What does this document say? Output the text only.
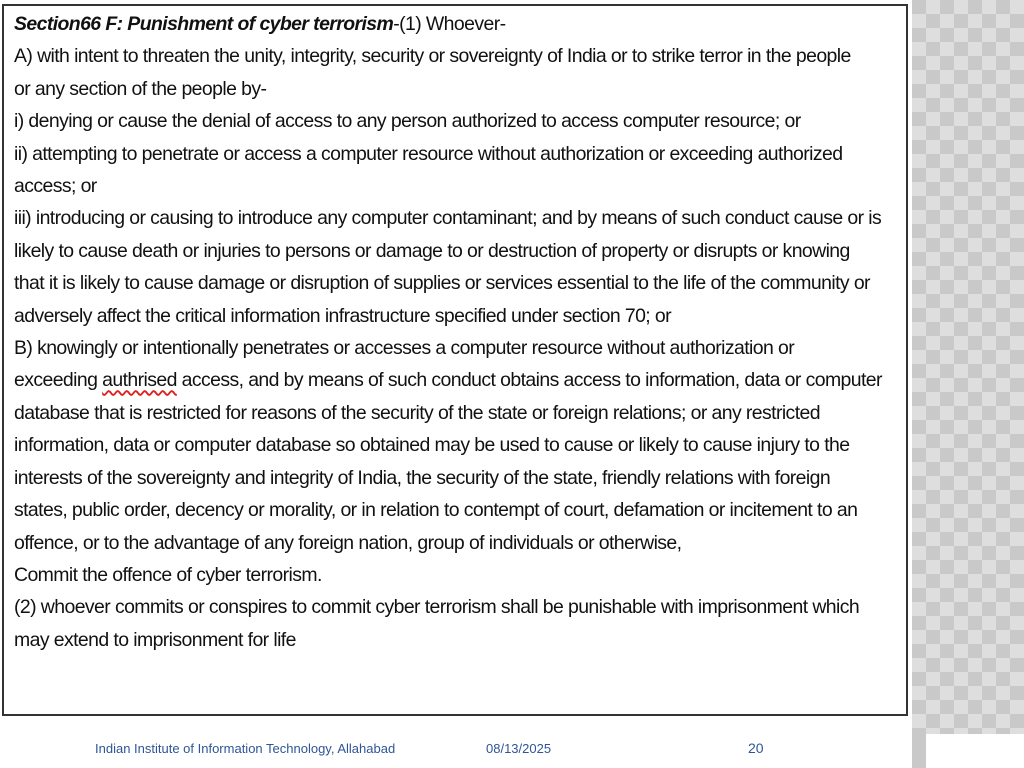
Section66 F: Punishment of cyber terrorism-(1) Whoever-
A) with intent to threaten the unity, integrity, security or sovereignty of India or to strike terror in the people
or any section of the people by-
i) denying or cause the denial of access to any person authorized to access computer resource; or
ii) attempting to penetrate or access a computer resource without authorization or exceeding authorized
access; or
iii) introducing or causing to introduce any computer contaminant; and by means of such conduct cause or is
likely to cause death or injuries to persons or damage to or destruction of property or disrupts or knowing
that it is likely to cause damage or disruption of supplies or services essential to the life of the community or
adversely affect the critical information infrastructure specified under section 70; or
B) knowingly or intentionally penetrates or accesses a computer resource without authorization or
exceeding authrised access, and by means of such conduct obtains access to information, data or computer
database that is restricted for reasons of the security of the state or foreign relations; or any restricted
information, data or computer database so obtained may be used to cause or likely to cause injury to the
interests of the sovereignty and integrity of India, the security of the state, friendly relations with foreign
states, public order, decency or morality, or in relation to contempt of court, defamation or incitement to an
offence, or to the advantage of any foreign nation, group of individuals or otherwise,
Commit the offence of cyber terrorism.
(2) whoever commits or conspires to commit cyber terrorism shall be punishable with imprisonment which
may extend to imprisonment for life
Indian Institute of Information Technology, Allahabad	08/13/2025	20
